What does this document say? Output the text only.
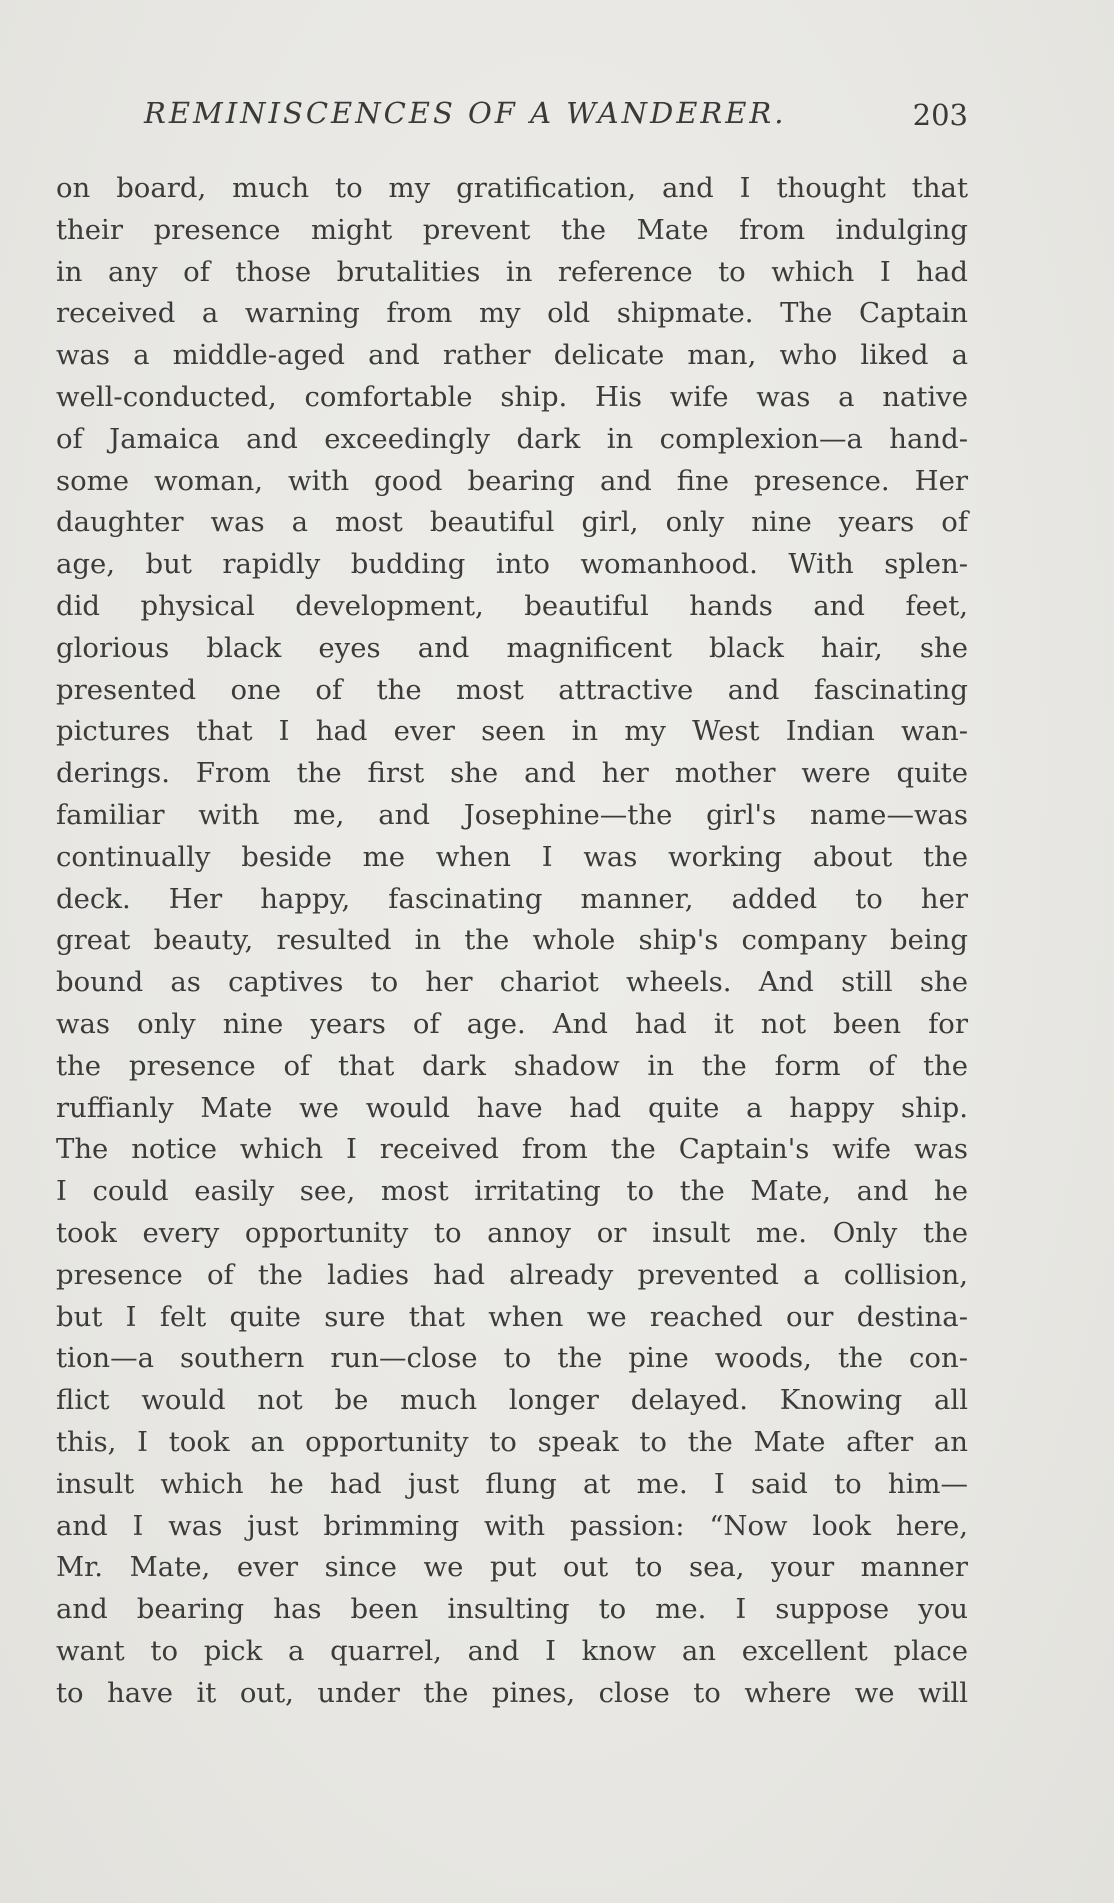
REMINISCENCES OF A WANDERER.	203
on board, much to my gratification, and I thought that
their presence might prevent the Mate from indulging
in any of those brutalities in reference to which I had
received a warning from my old shipmate. The Captain
was a middle-aged and rather delicate man, who liked a
well-conducted, comfortable ship. His wife was a native
of Jamaica and exceedingly dark in complexion—a hand-
some woman, with good bearing and fine presence. Her
daughter was a most beautiful girl, only nine years of
age, but rapidly budding into womanhood. With splen-
did physical development, beautiful hands and feet,
glorious black eyes and magnificent black hair, she
presented one of the most attractive and fascinating
pictures that I had ever seen in my West Indian wan-
derings. From the first she and her mother were quite
familiar with me, and Josephine—the girl's name—was
continually beside me when I was working about the
deck. Her happy, fascinating manner, added to her
great beauty, resulted in the whole ship's company being
bound as captives to her chariot wheels. And still she
was only nine years of age. And had it not been for
the presence of that dark shadow in the form of the
ruffianly Mate we would have had quite a happy ship.
The notice which I received from the Captain's wife was
I could easily see, most irritating to the Mate, and he
took every opportunity to annoy or insult me. Only the
presence of the ladies had already prevented a collision,
but I felt quite sure that when we reached our destina-
tion—a southern run—close to the pine woods, the con-
flict would not be much longer delayed. Knowing all
this, I took an opportunity to speak to the Mate after an
insult which he had just flung at me. I said to him—
and I was just brimming with passion: “Now look here,
Mr. Mate, ever since we put out to sea, your manner
and bearing has been insulting to me. I suppose you
want to pick a quarrel, and I know an excellent place
to have it out, under the pines, close to where we will
